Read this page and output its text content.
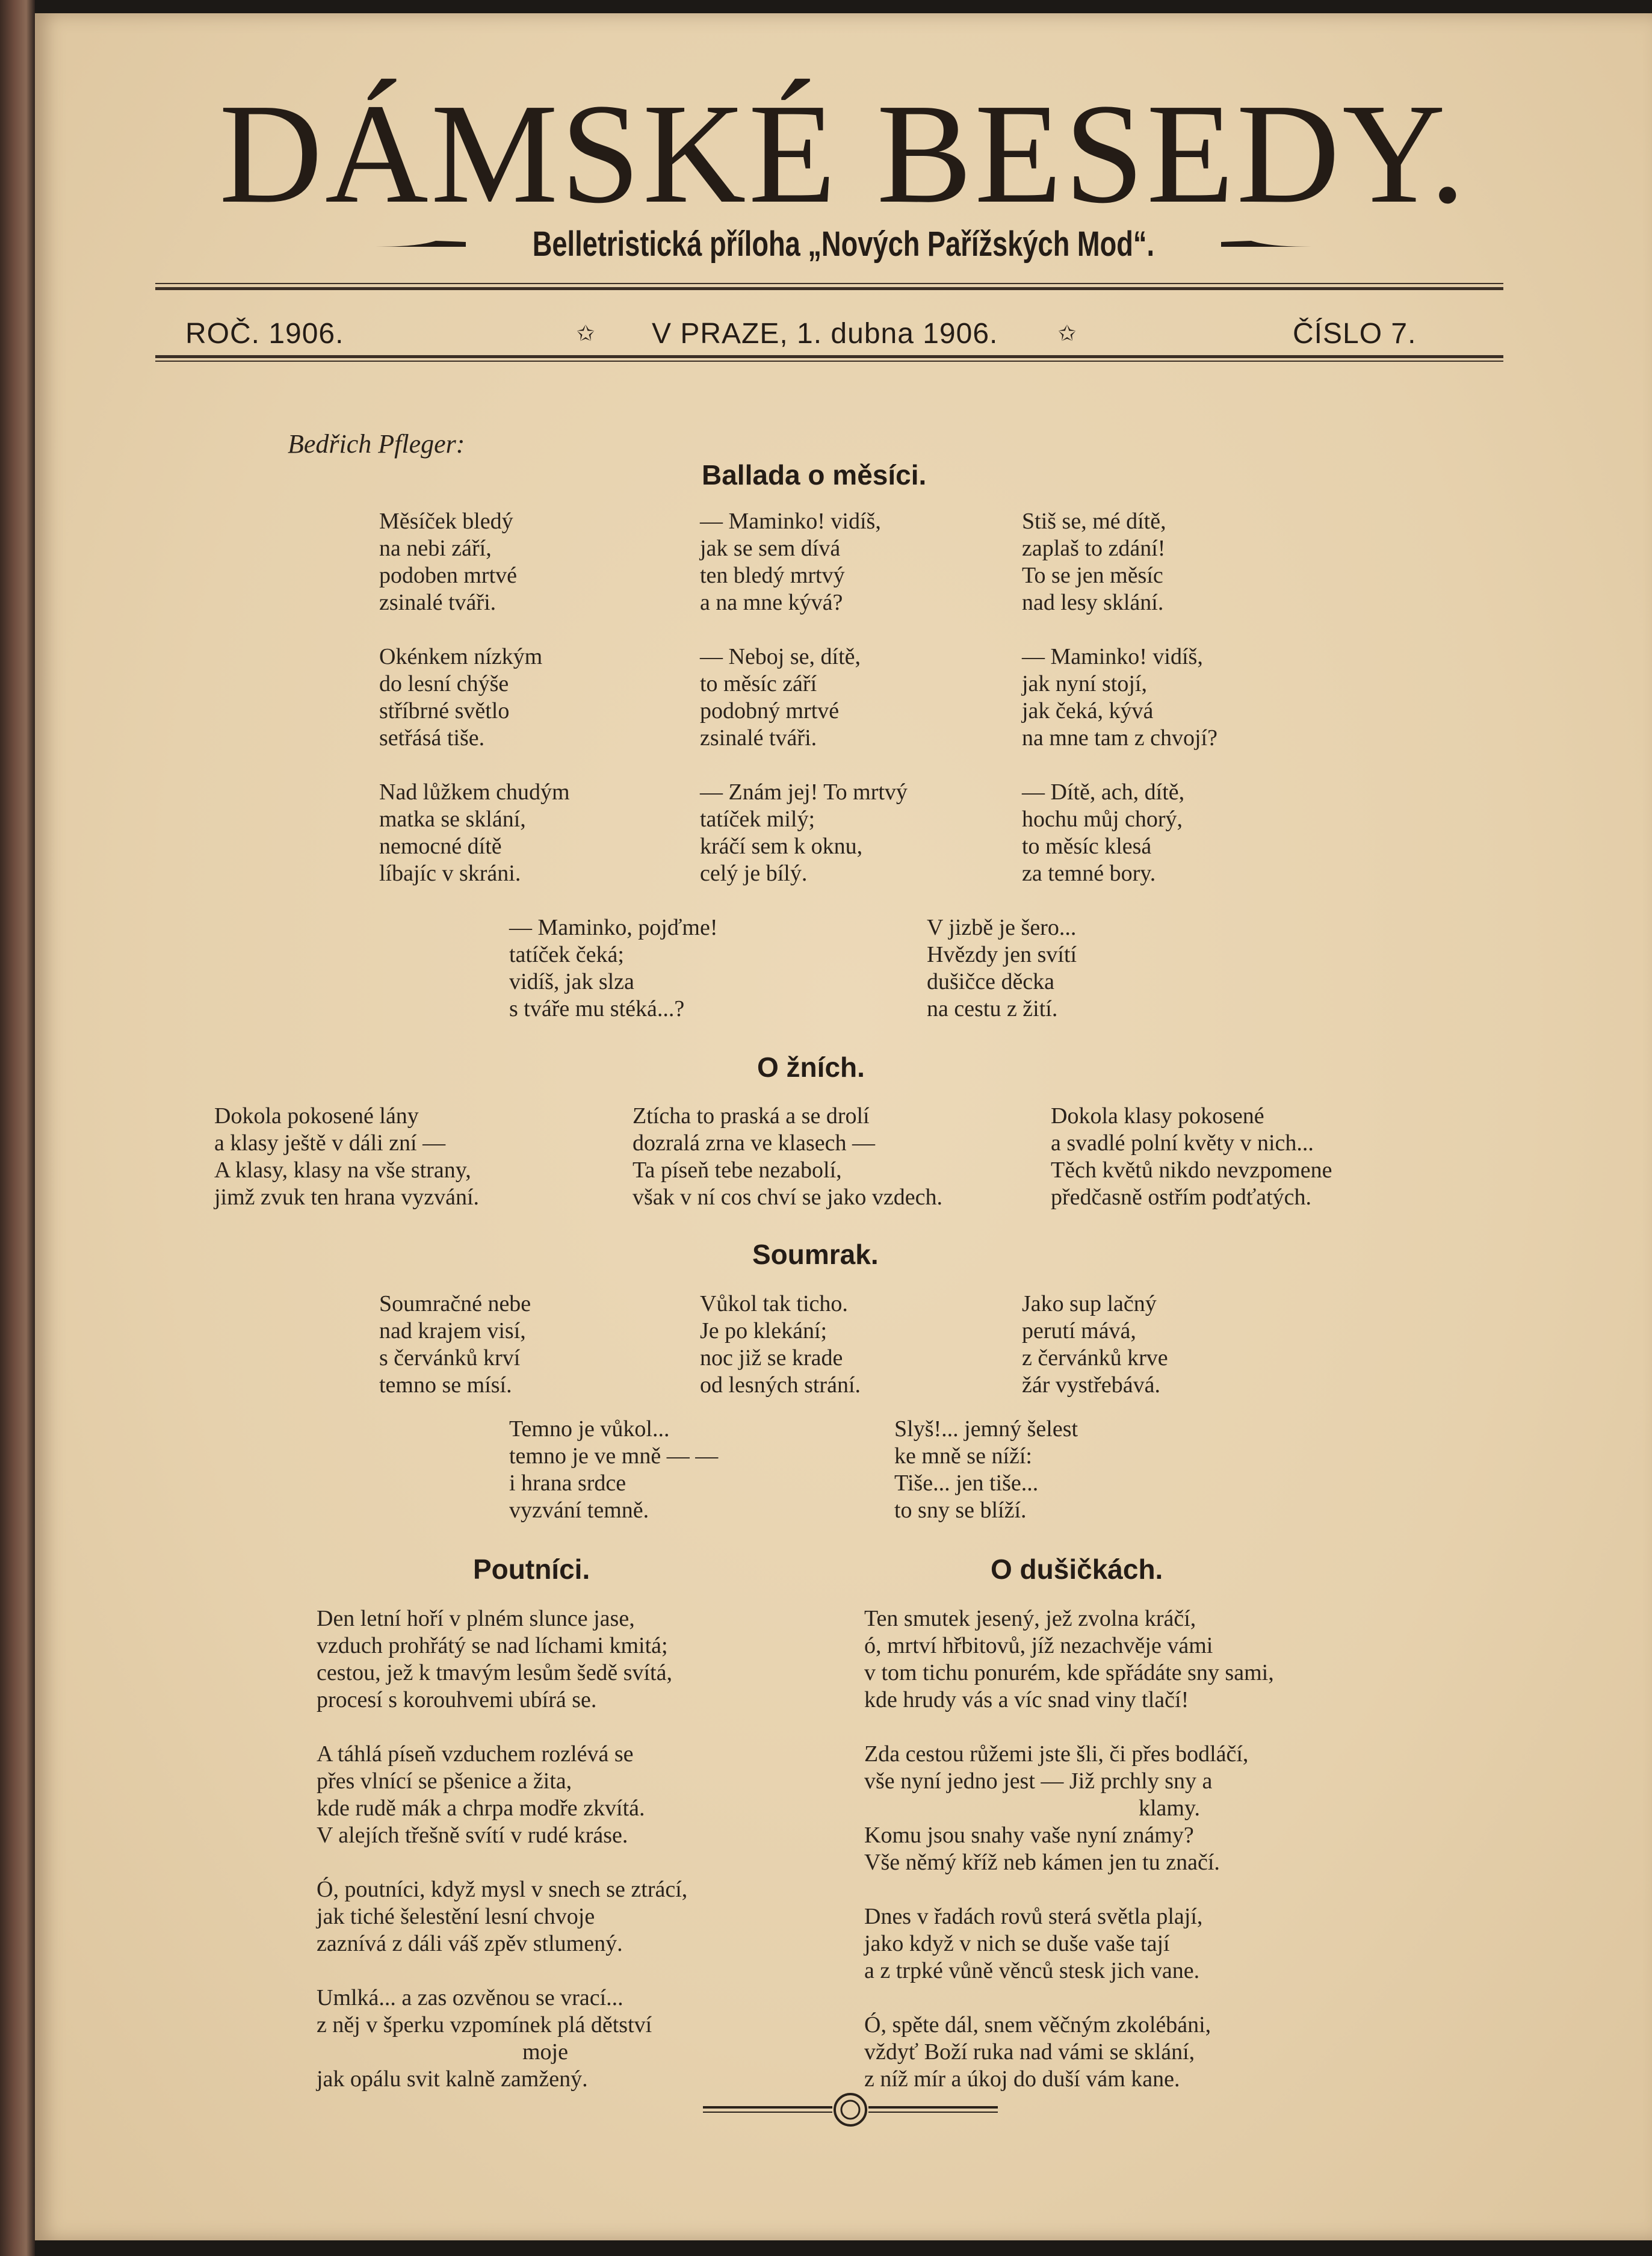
DÁMSKÉ BESEDY.
Belletristická příloha „Nových Pařížských Mod“.
ROČ. 1906.	✩ V PRAZE, 1. dubna 1906.	✩	ČÍSLO 7.
Bedřich Pfleger:
Ballada o měsíci.
Měsíček bledý
na nebi září,
podoben mrtvé
zsinalé tváři.

Okénkem nízkým
do lesní chýše
stříbrné světlo
setřásá tiše.

Nad lůžkem chudým
matka se sklání,
nemocné dítě
líbajíc v skráni.
— Maminko! vidíš,
jak se sem dívá
ten bledý mrtvý
a na mne kývá?

— Neboj se, dítě,
to měsíc září
podobný mrtvé
zsinalé tváři.

— Znám jej! To mrtvý
tatíček milý;
kráčí sem k oknu,
celý je bílý.
Stiš se, mé dítě,
zaplaš to zdání!
To se jen měsíc
nad lesy sklání.

— Maminko! vidíš,
jak nyní stojí,
jak čeká, kývá
na mne tam z chvojí?

— Dítě, ach, dítě,
hochu můj chorý,
to měsíc klesá
za temné bory.
— Maminko, pojďme!
tatíček čeká;
vidíš, jak slza
s tváře mu stéká...?
V jizbě je šero...
Hvězdy jen svítí
dušičce děcka
na cestu z žití.
O žních.
Dokola pokosené lány
a klasy ještě v dáli zní —
A klasy, klasy na vše strany,
jimž zvuk ten hrana vyzvání.
Ztícha to praská a se drolí
dozralá zrna ve klasech —
Ta píseň tebe nezabolí,
však v ní cos chví se jako vzdech.
Dokola klasy pokosené
a svadlé polní květy v nich...
Těch květů nikdo nevzpomene
předčasně ostřím podťatých.
Soumrak.
Soumračné nebe
nad krajem visí,
s červánků krví
temno se mísí.
Vůkol tak ticho.
Je po klekání;
noc již se krade
od lesných strání.
Jako sup lačný
perutí mává,
z červánků krve
žár vystřebává.
Temno je vůkol...
temno je ve mně — —
i hrana srdce
vyzvání temně.
Slyš!... jemný šelest
ke mně se níží:
Tiše... jen tiše...
to sny se blíží.
Poutníci.
Den letní hoří v plném slunce jase,
vzduch prohřátý se nad líchami kmitá;
cestou, jež k tmavým lesům šedě svítá,
procesí s korouhvemi ubírá se.

A táhlá píseň vzduchem rozlévá se
přes vlnící se pšenice a žita,
kde rudě mák a chrpa modře zkvítá.
V alejích třešně svítí v rudé kráse.

Ó, poutníci, když mysl v snech se ztrácí,
jak tiché šelestění lesní chvoje
zaznívá z dáli váš zpěv stlumený.

Umlká... a zas ozvěnou se vrací...
z něj v šperku vzpomínek plá dětství
moje
jak opálu svit kalně zamžený.
O dušičkách.
Ten smutek jesený, jež zvolna kráčí,
ó, mrtví hřbitovů, jíž nezachvěje vámi
v tom tichu ponurém, kde spřádáte sny sami,
kde hrudy vás a víc snad viny tlačí!

Zda cestou růžemi jste šli, či přes bodláčí,
vše nyní jedno jest — Již prchly sny a
klamy.
Komu jsou snahy vaše nyní známy?
Vše němý kříž neb kámen jen tu značí.

Dnes v řadách rovů sterá světla plají,
jako když v nich se duše vaše tají
a z trpké vůně věnců stesk jich vane.

Ó, spěte dál, snem věčným zkolébáni,
vždyť Boží ruka nad vámi se sklání,
z níž mír a úkoj do duší vám kane.
